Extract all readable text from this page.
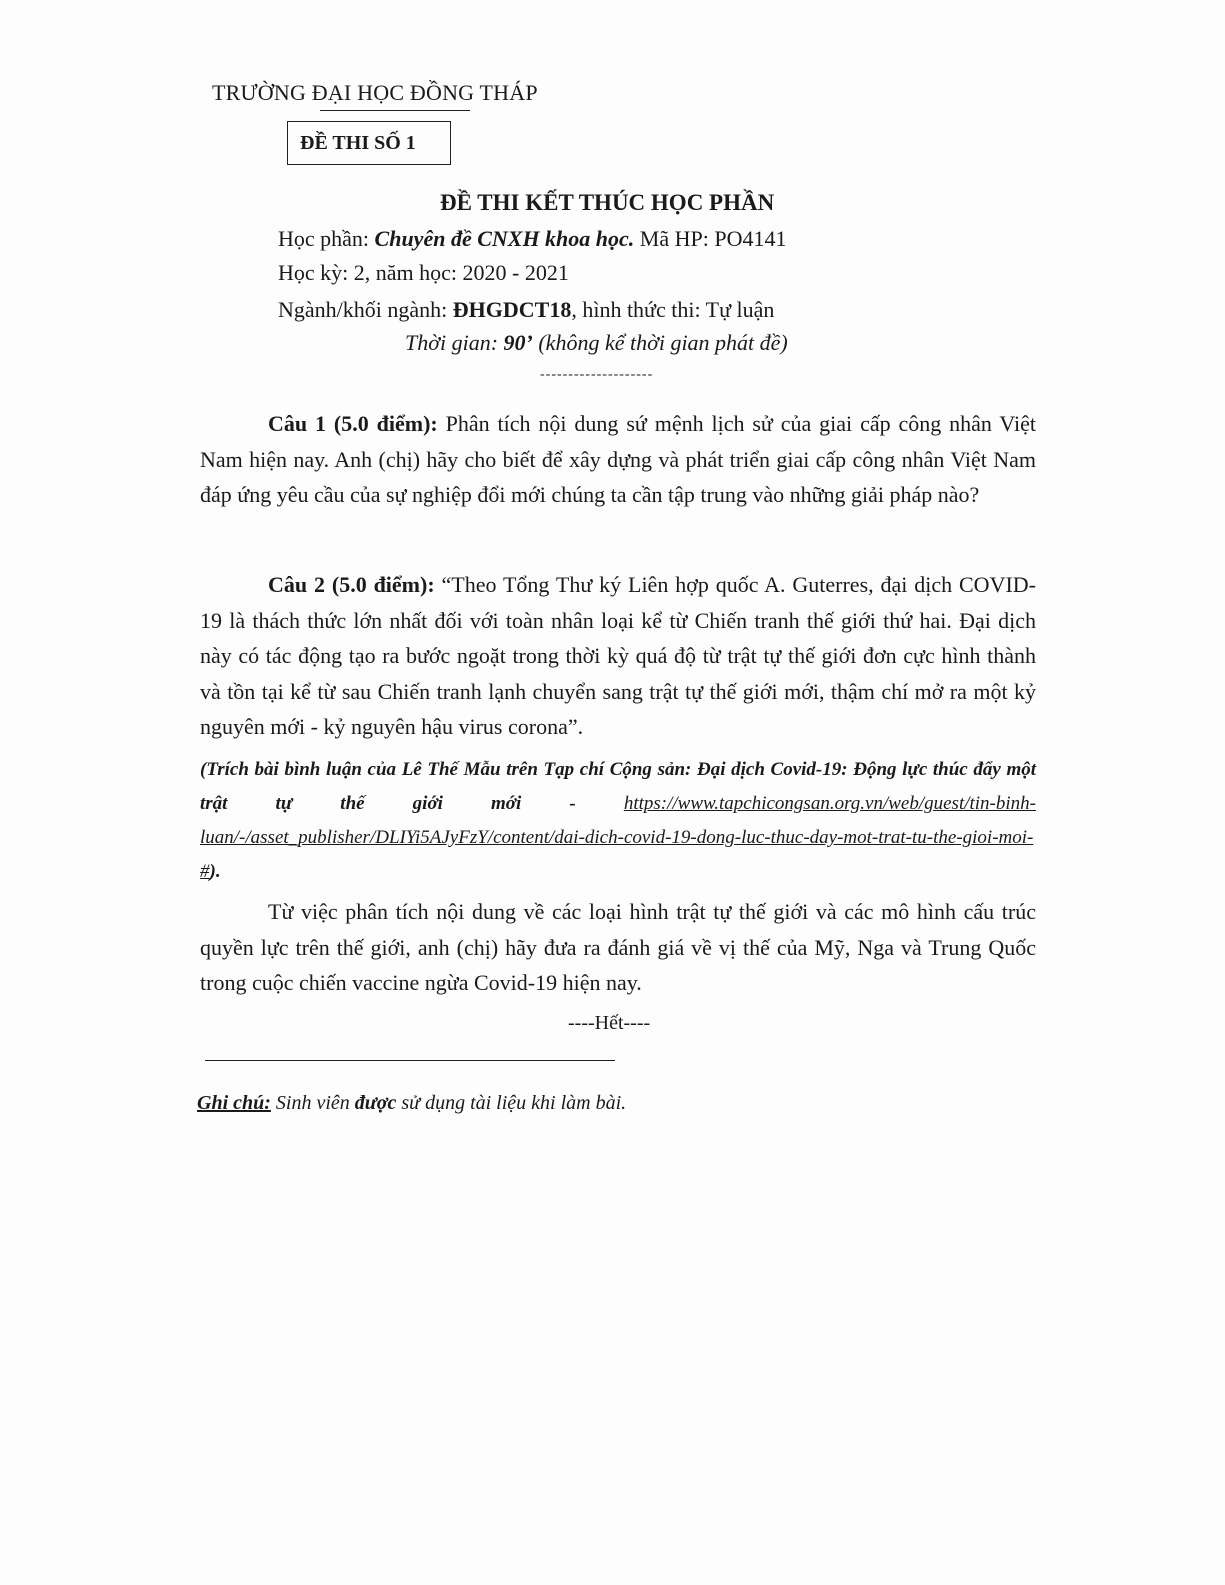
TRƯỜNG ĐẠI HỌC ĐỒNG THÁP
ĐỀ THI SỐ 1
ĐỀ THI KẾT THÚC HỌC PHẦN
Học phần: Chuyên đề CNXH khoa học. Mã HP: PO4141
Học kỳ: 2, năm học: 2020 - 2021
Ngành/khối ngành: ĐHGDCT18, hình thức thi: Tự luận
Thời gian: 90’ (không kể thời gian phát đề)
--------------------
Câu 1 (5.0 điểm): Phân tích nội dung sứ mệnh lịch sử của giai cấp công nhân Việt Nam hiện nay. Anh (chị) hãy cho biết để xây dựng và phát triển giai cấp công nhân Việt Nam đáp ứng yêu cầu của sự nghiệp đổi mới chúng ta cần tập trung vào những giải pháp nào?
Câu 2 (5.0 điểm): “Theo Tổng Thư ký Liên hợp quốc A. Guterres, đại dịch COVID-19 là thách thức lớn nhất đối với toàn nhân loại kể từ Chiến tranh thế giới thứ hai. Đại dịch này có tác động tạo ra bước ngoặt trong thời kỳ quá độ từ trật tự thế giới đơn cực hình thành và tồn tại kể từ sau Chiến tranh lạnh chuyển sang trật tự thế giới mới, thậm chí mở ra một kỷ nguyên mới - kỷ nguyên hậu virus corona”.
(Trích bài bình luận của Lê Thế Mẫu trên Tạp chí Cộng sản: Đại dịch Covid-19: Động lực thúc đẩy một trật tự thế giới mới - https://www.tapchicongsan.org.vn/web/guest/tin-binh-luan/-/asset_publisher/DLIYi5AJyFzY/content/dai-dich-covid-19-dong-luc-thuc-day-mot-trat-tu-the-gioi-moi-#).
Từ việc phân tích nội dung về các loại hình trật tự thế giới và các mô hình cấu trúc quyền lực trên thế giới, anh (chị) hãy đưa ra đánh giá về vị thế của Mỹ, Nga và Trung Quốc trong cuộc chiến vaccine ngừa Covid-19 hiện nay.
----Hết----
Ghi chú: Sinh viên được sử dụng tài liệu khi làm bài.
